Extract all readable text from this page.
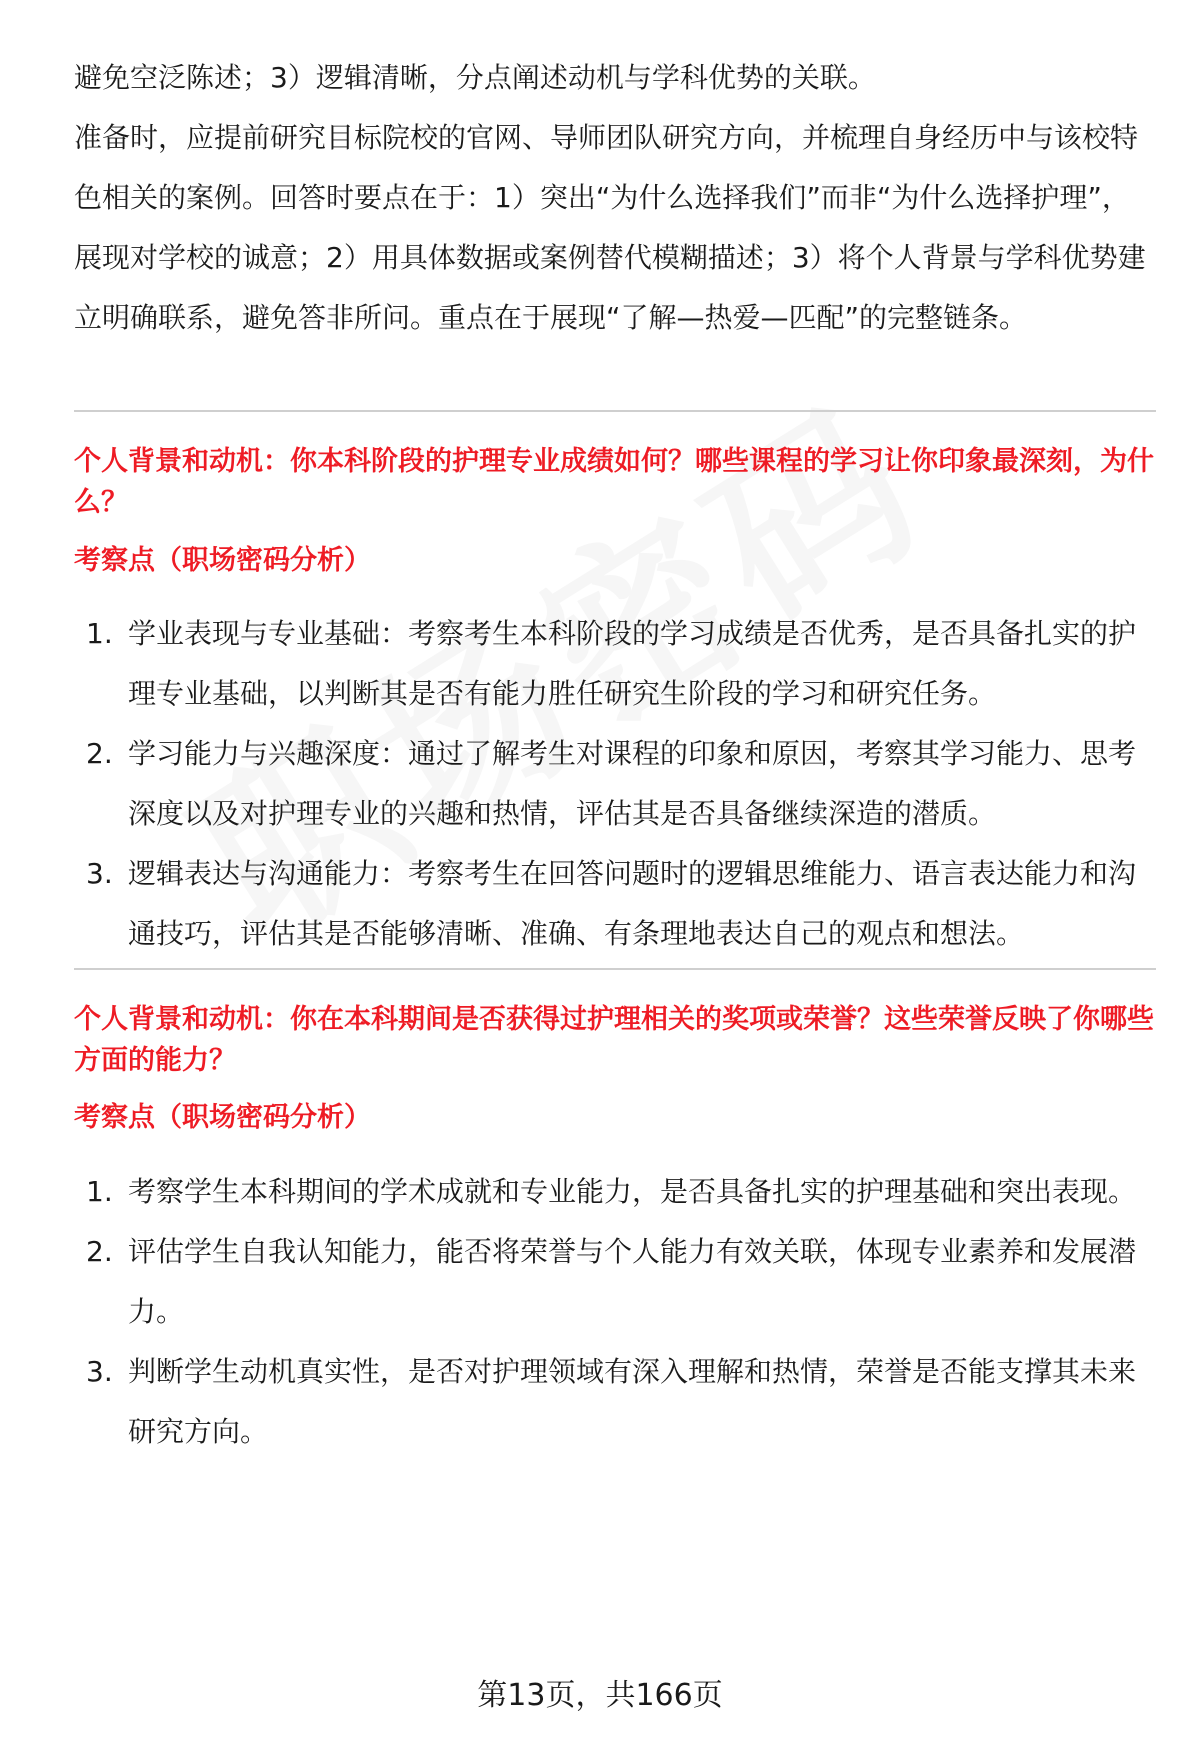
避免空泛陈述；3）逻辑清晰，分点阐述动机与学科优势的关联。

准备时，应提前研究目标院校的官网、导师团队研究方向，并梳理自身经历中与该校特色相关的案例。回答时要点在于：1）突出“为什么选择我们”而非“为什么选择护理”，展现对学校的诚意；2）用具体数据或案例替代模糊描述；3）将个人背景与学科优势建立明确联系，避免答非所问。重点在于展现“了解—热爱—匹配”的完整链条。

个人背景和动机：你本科阶段的护理专业成绩如何？哪些课程的学习让你印象最深刻，为什么？

考察点（职场密码分析）

1. 学业表现与专业基础：考察考生本科阶段的学习成绩是否优秀，是否具备扎实的护理专业基础，以判断其是否有能力胜任研究生阶段的学习和研究任务。
2. 学习能力与兴趣深度：通过了解考生对课程的印象和原因，考察其学习能力、思考深度以及对护理专业的兴趣和热情，评估其是否具备继续深造的潜质。
3. 逻辑表达与沟通能力：考察考生在回答问题时的逻辑思维能力、语言表达能力和沟通技巧，评估其是否能够清晰、准确、有条理地表达自己的观点和想法。

个人背景和动机：你在本科期间是否获得过护理相关的奖项或荣誉？这些荣誉反映了你哪些方面的能力？

考察点（职场密码分析）

1. 考察学生本科期间的学术成就和专业能力，是否具备扎实的护理基础和突出表现。
2. 评估学生自我认知能力，能否将荣誉与个人能力有效关联，体现专业素养和发展潜力。
3. 判断学生动机真实性，是否对护理领域有深入理解和热情，荣誉是否能支撑其未来研究方向。
第13页，共166页
